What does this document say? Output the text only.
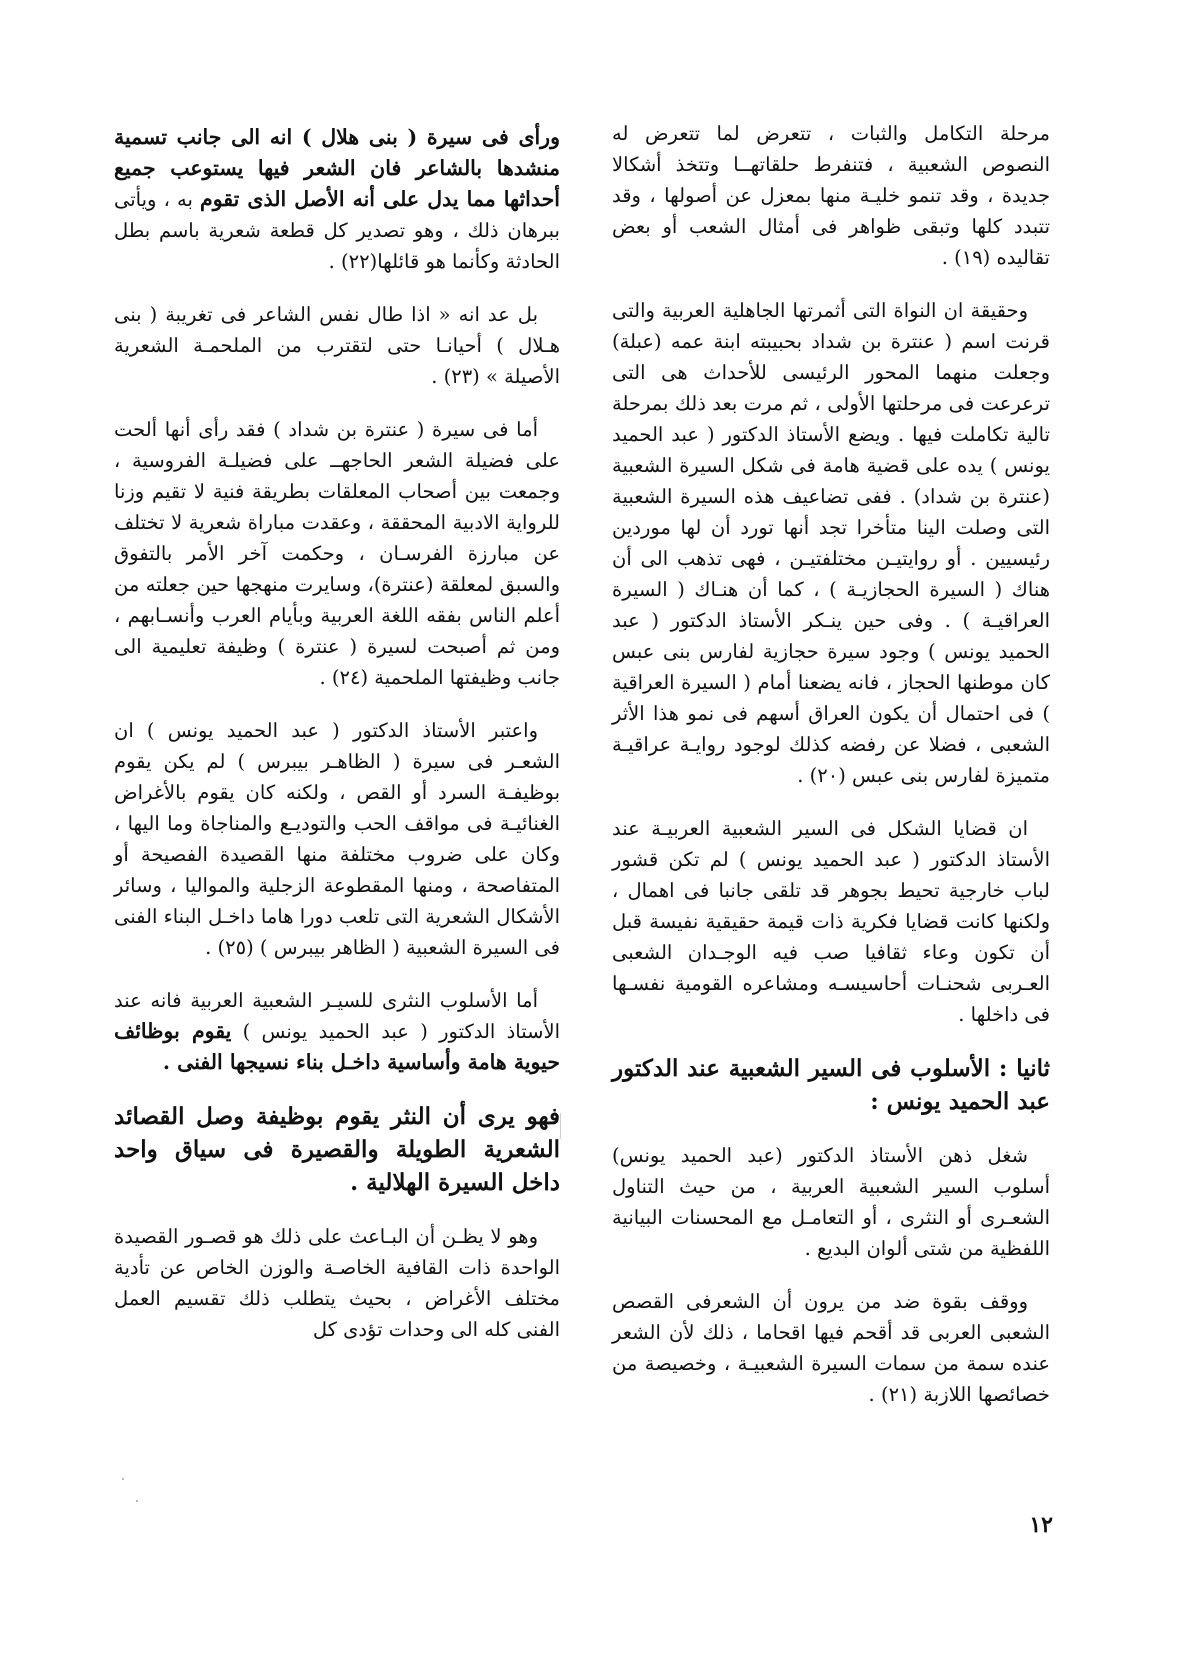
مرحلة التكامل والثبات ، تتعرض لما تتعرض له النصوص الشعبية ، فتنفرط حلقاتهــا وتتخذ أشكالا جديدة ، وقد تنمو خليـة منها بمعزل عن أصولها ، وقد تتبدد كلها وتبقى ظواهر فى أمثال الشعب أو بعض تقاليده (١٩) .

وحقيقة ان النواة التى أثمرتها الجاهلية العربية والتى قرنت اسم ( عنترة بن شداد بحبيبته ابنة عمه (عبلة) وجعلت منهما المحور الرئيسى للأحداث هى التى ترعرعت فى مرحلتها الأولى ، ثم مرت بعد ذلك بمرحلة تالية تكاملت فيها . ويضع الأستاذ الدكتور ( عبد الحميد يونس ) يده على قضية هامة فى شكل السيرة الشعبية (عنترة بن شداد) . ففى تضاعيف هذه السيرة الشعبية التى وصلت الينا متأخرا تجد أنها تورد أن لها موردين رئيسيين . أو روايتيـن مختلفتيـن ، فهى تذهب الى أن هناك ( السيرة الحجازيـة ) ، كما أن هنـاك ( السيرة العراقيـة ) . وفى حين ينـكر الأستاذ الدكتور ( عبد الحميد يونس ) وجود سيرة حجازية لفارس بنى عبس كان موطنها الحجاز ، فانه يضعنا أمام ( السيرة العراقية ) فى احتمال أن يكون العراق أسهم فى نمو هذا الأثر الشعبى ، فضلا عن رفضه كذلك لوجود روايـة عراقيـة متميزة لفارس بنى عبس (٢٠) .

ان قضايا الشكل فى السير الشعبية العربيـة عند الأستاذ الدكتور ( عبد الحميد يونس ) لم تكن قشور لباب خارجية تحيط بجوهر قد تلقى جانبا فى اهمال ، ولكنها كانت قضايا فكرية ذات قيمة حقيقية نفيسة قبل أن تكون وعاء ثقافيا صب فيه الوجـدان الشعبى العـربى شحنـات أحاسيسـه ومشاعره القومية نفسـها فى داخلها .

ثانيا : الأسلوب فى السير الشعبية عند الدكتور عبد الحميد يونس :

شغل ذهن الأستاذ الدكتور (عبد الحميد يونس) أسلوب السير الشعبية العربية ، من حيث التناول الشعـرى أو النثرى ، أو التعامـل مع المحسنات البيانية اللفظية من شتى ألوان البديع .

ووقف بقوة ضد من يرون أن الشعرفى القصص الشعبى العربى قد أقحم فيها اقحاما ، ذلك لأن الشعر عنده سمة من سمات السيرة الشعبيـة ، وخصيصة من خصائصها اللازبة (٢١) .

ورأى فى سيرة ( بنى هلال ) انه الى جانب تسمية منشدها بالشاعر فان الشعر فيها يستوعب جميع أحداثها مما يدل على أنه الأصل الذى تقوم به ، ويأتى ببرهان ذلك ، وهو تصدير كل قطعة شعرية باسم بطل الحادثة وكأنما هو قائلها(٢٢) .

بل عد انه « اذا طال نفس الشاعر فى تغريبة ( بنى هـلال ) أحيانـا حتى لتقترب من الملحمـة الشعرية الأصيلة » (٢٣) .

أما فى سيرة ( عنترة بن شداد ) فقد رأى أنها ألحت على فضيلة الشعر الحاجهــ على فضيلـة الفروسية ، وجمعت بين أصحاب المعلقات بطريقة فنية لا تقيم وزنا للرواية الادبية المحققة ، وعقدت مباراة شعرية لا تختلف عن مبارزة الفرسـان ، وحكمت آخر الأمر بالتفوق والسبق لمعلقة (عنترة)، وسايرت منهجها حين جعلته من أعلم الناس بفقه اللغة العربية وبأيام العرب وأنسـابهم ، ومن ثم أصبحت لسيرة ( عنترة ) وظيفة تعليمية الى جانب وظيفتها الملحمية (٢٤) .

واعتبر الأستاذ الدكتور ( عبد الحميد يونس ) ان الشعـر فى سيرة ( الظاهـر بيبرس ) لم يكن يقوم بوظيفـة السرد أو القص ، ولكنه كان يقوم بالأغراض الغنائيـة فى مواقف الحب والتوديـع والمناجاة وما اليها ، وكان على ضروب مختلفة منها القصيدة الفصيحة أو المتفاصحة ، ومنها المقطوعة الزجلية والمواليا ، وسائر الأشكال الشعرية التى تلعب دورا هاما داخـل البناء الفنى فى السيرة الشعبية ( الظاهر بيبرس ) (٢٥) .

أما الأسلوب النثرى للسيـر الشعبية العربية فانه عند الأستاذ الدكتور ( عبد الحميد يونس ) يقوم بوظائف حيوية هامة وأساسية داخـل بناء نسيجها الفنى .

فهو يرى أن النثر يقوم بوظيفة وصل القصائد الشعرية الطويلة والقصيرة فى سياق واحد داخل السيرة الهلالية .

وهو لا يظـن أن البـاعث على ذلك هو قصـور القصيدة الواحدة ذات القافية الخاصـة والوزن الخاص عن تأدية مختلف الأغراض ، بحيث يتطلب ذلك تقسيم العمل الفنى كله الى وحدات تؤدى كل

١٢
